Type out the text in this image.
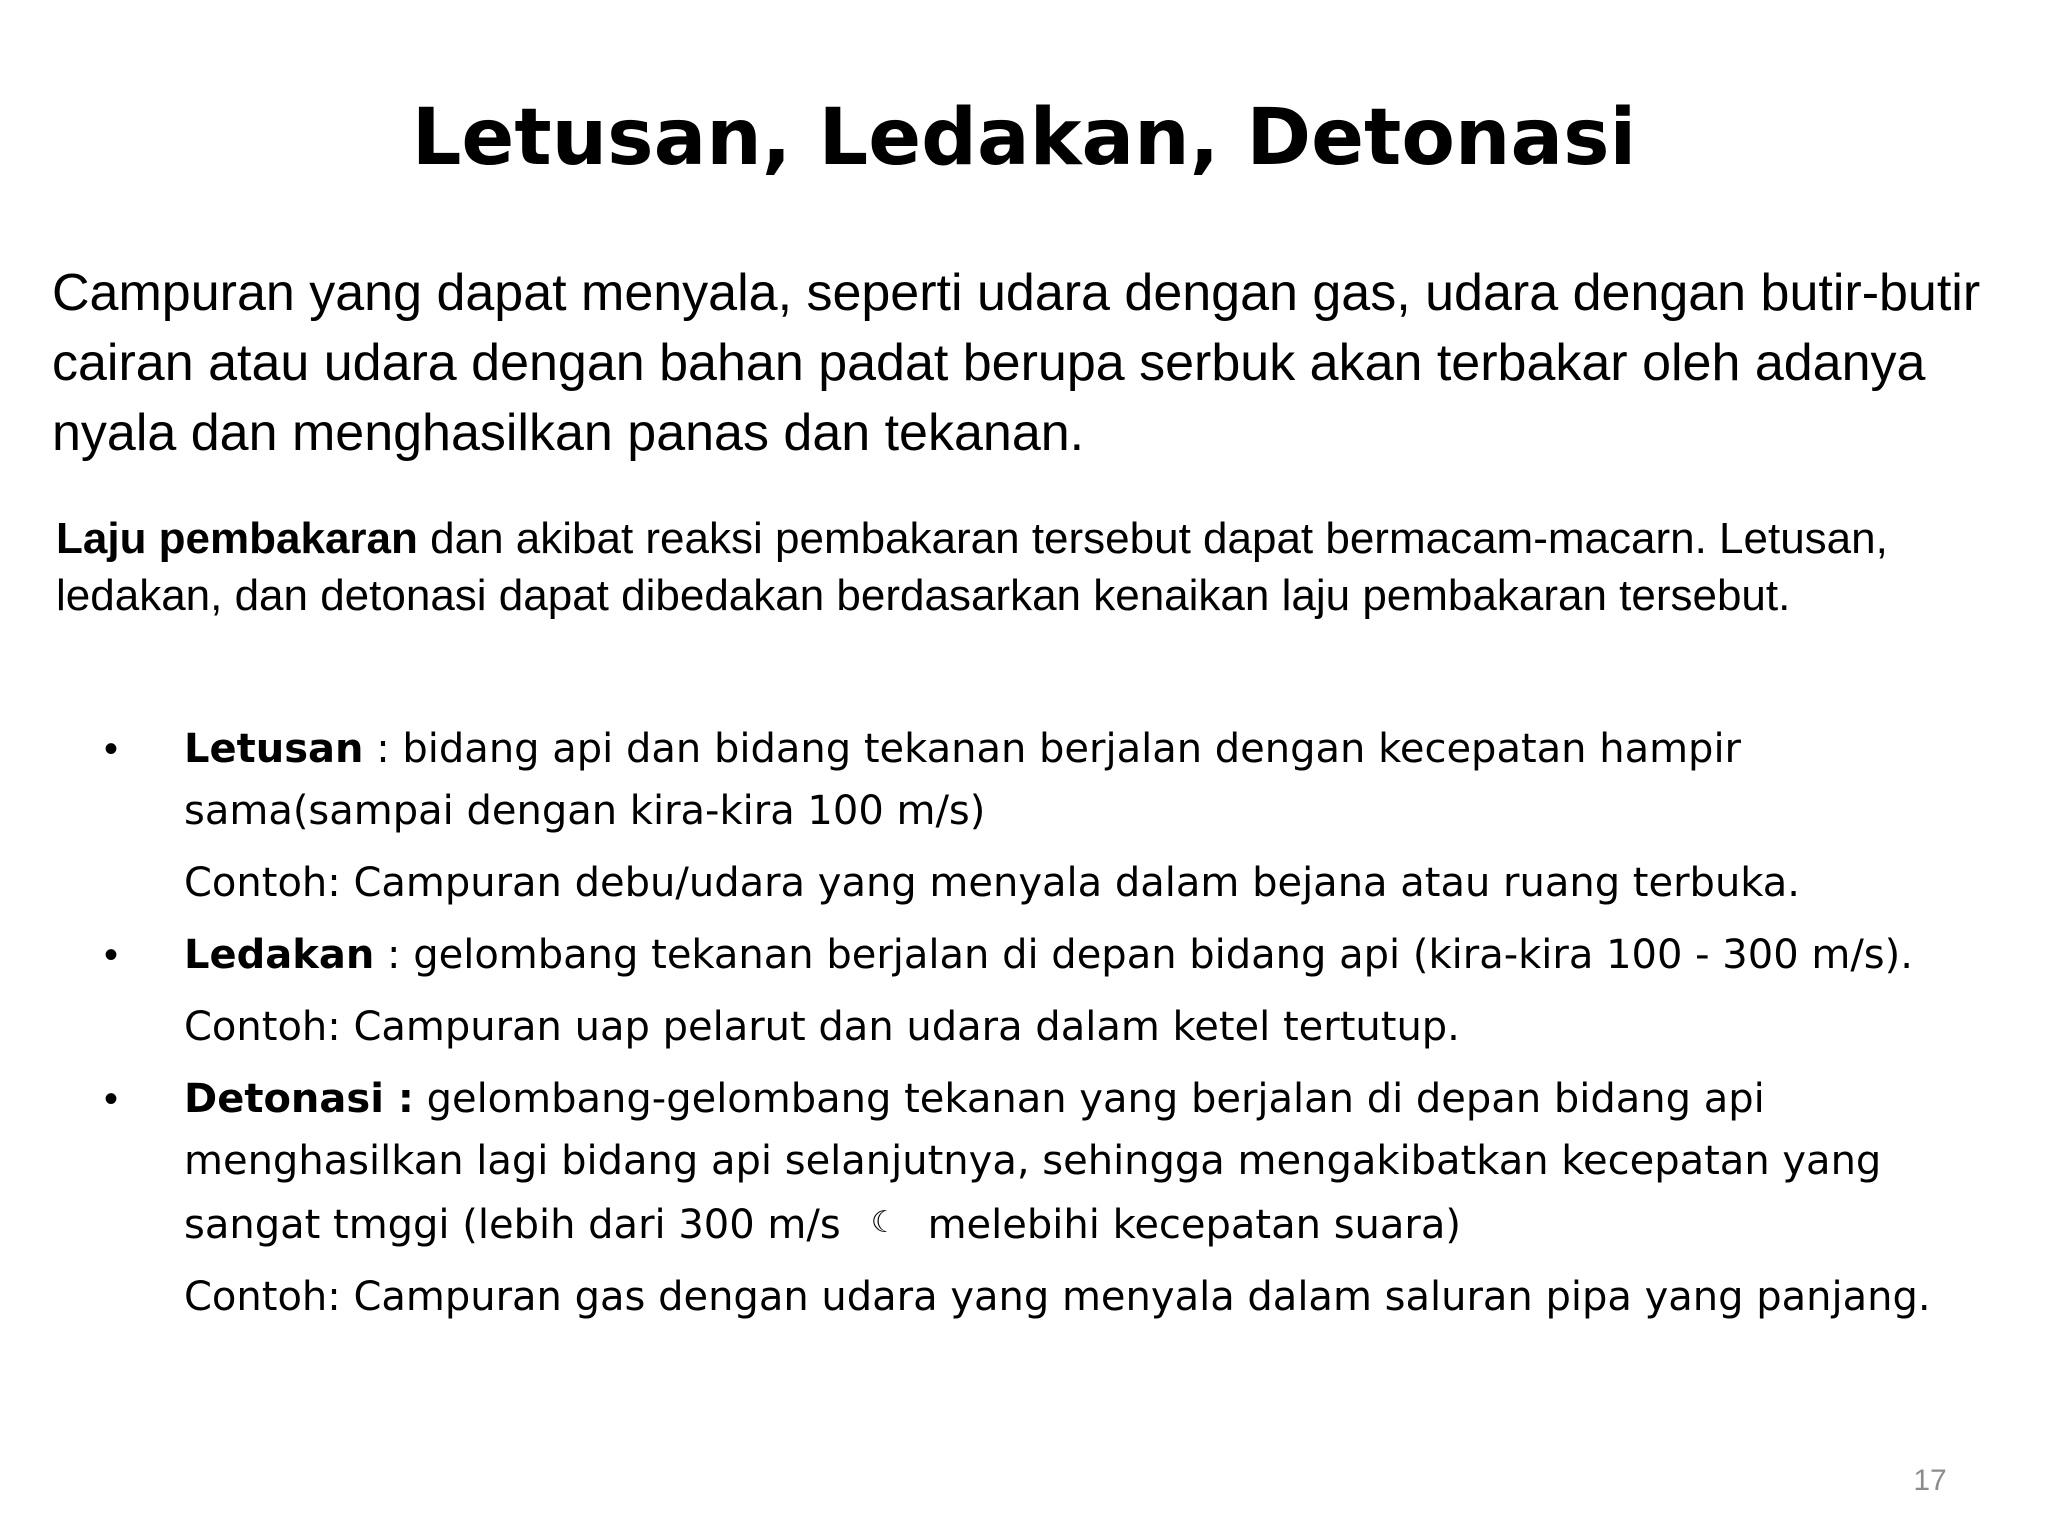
Letusan, Ledakan, Detonasi

Campuran yang dapat menyala, seperti udara dengan gas, udara dengan butir-butir cairan atau udara dengan bahan padat berupa serbuk akan terbakar oleh adanya nyala dan menghasilkan panas dan tekanan.

Laju pembakaran dan akibat reaksi pembakaran tersebut dapat bermacam-macarn. Letusan, ledakan, dan detonasi dapat dibedakan berdasarkan kenaikan laju pembakaran tersebut.

• Letusan : bidang api dan bidang tekanan berjalan dengan kecepatan hampir sama(sampai dengan kira-kira 100 m/s)
Contoh: Campuran debu/udara yang menyala dalam bejana atau ruang terbuka.
• Ledakan : gelombang tekanan berjalan di depan bidang api (kira-kira 100 - 300 m/s).
Contoh: Campuran uap pelarut dan udara dalam ketel tertutup.
• Detonasi : gelombang-gelombang tekanan yang berjalan di depan bidang api menghasilkan lagi bidang api selanjutnya, sehingga mengakibatkan kecepatan yang sangat tmggi (lebih dari 300 m/s ☾ melebihi kecepatan suara)
Contoh: Campuran gas dengan udara yang menyala dalam saluran pipa yang panjang.
17
